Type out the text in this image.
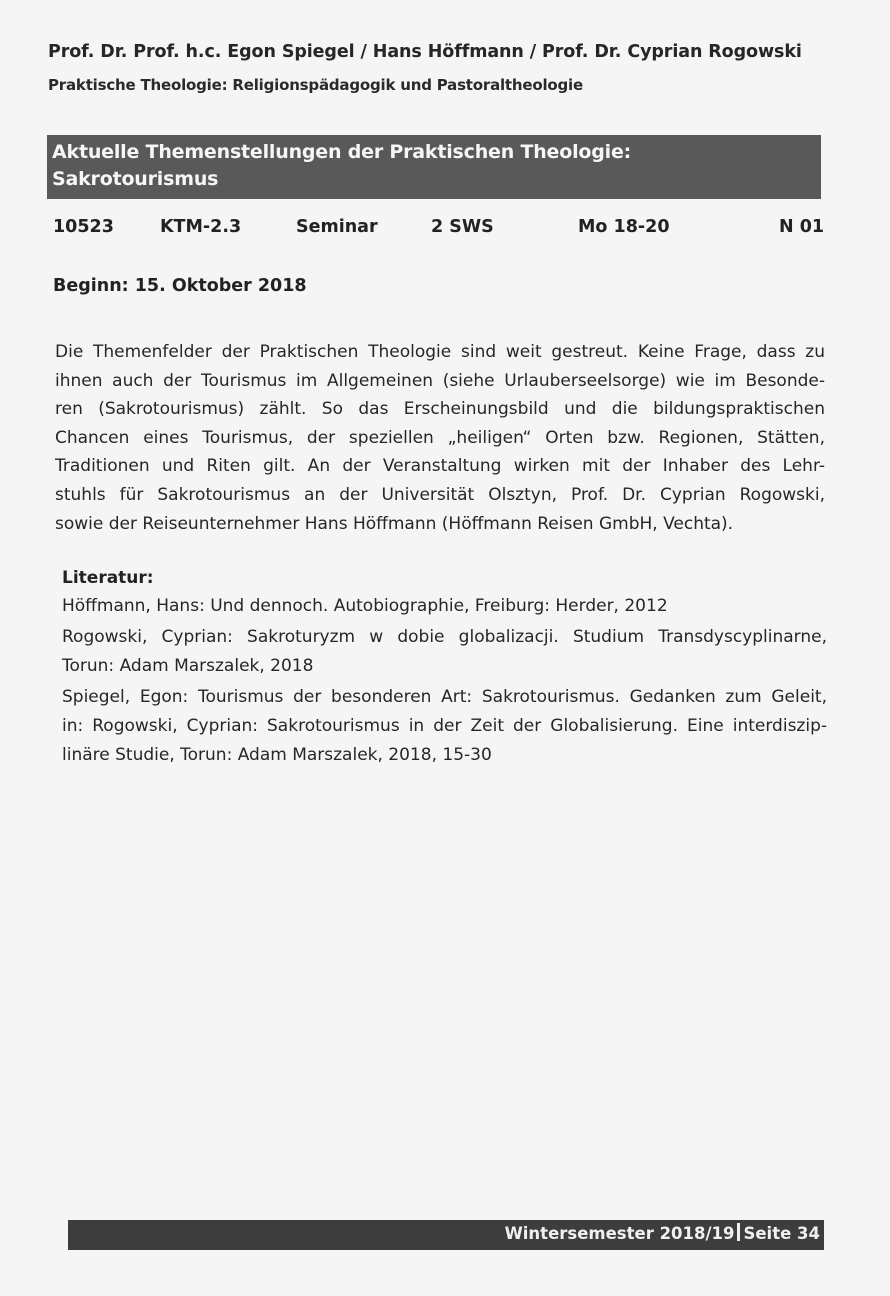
Prof. Dr. Prof. h.c. Egon Spiegel / Hans Höffmann / Prof. Dr. Cyprian Rogowski
Praktische Theologie: Religionspädagogik und Pastoraltheologie
Aktuelle Themenstellungen der Praktischen Theologie:
Sakrotourismus
10523	KTM-2.3	Seminar	2 SWS	Mo 18-20	N 01
Beginn: 15. Oktober 2018
Die Themenfelder der Praktischen Theologie sind weit gestreut. Keine Frage, dass zu
ihnen auch der Tourismus im Allgemeinen (siehe Urlauberseelsorge) wie im Besonde-
ren (Sakrotourismus) zählt. So das Erscheinungsbild und die bildungspraktischen
Chancen eines Tourismus, der speziellen „heiligen“ Orten bzw. Regionen, Stätten,
Traditionen und Riten gilt. An der Veranstaltung wirken mit der Inhaber des Lehr-
stuhls für Sakrotourismus an der Universität Olsztyn, Prof. Dr. Cyprian Rogowski,
sowie der Reiseunternehmer Hans Höffmann (Höffmann Reisen GmbH, Vechta).
Literatur:
Höffmann, Hans: Und dennoch. Autobiographie, Freiburg: Herder, 2012
Rogowski, Cyprian: Sakroturyzm w dobie globalizacji. Studium Transdyscyplinarne,
Torun: Adam Marszalek, 2018
Spiegel, Egon: Tourismus der besonderen Art: Sakrotourismus. Gedanken zum Geleit,
in: Rogowski, Cyprian: Sakrotourismus in der Zeit der Globalisierung. Eine interdiszip-
linäre Studie, Torun: Adam Marszalek, 2018, 15-30
Wintersemester 2018/19 Seite 34
